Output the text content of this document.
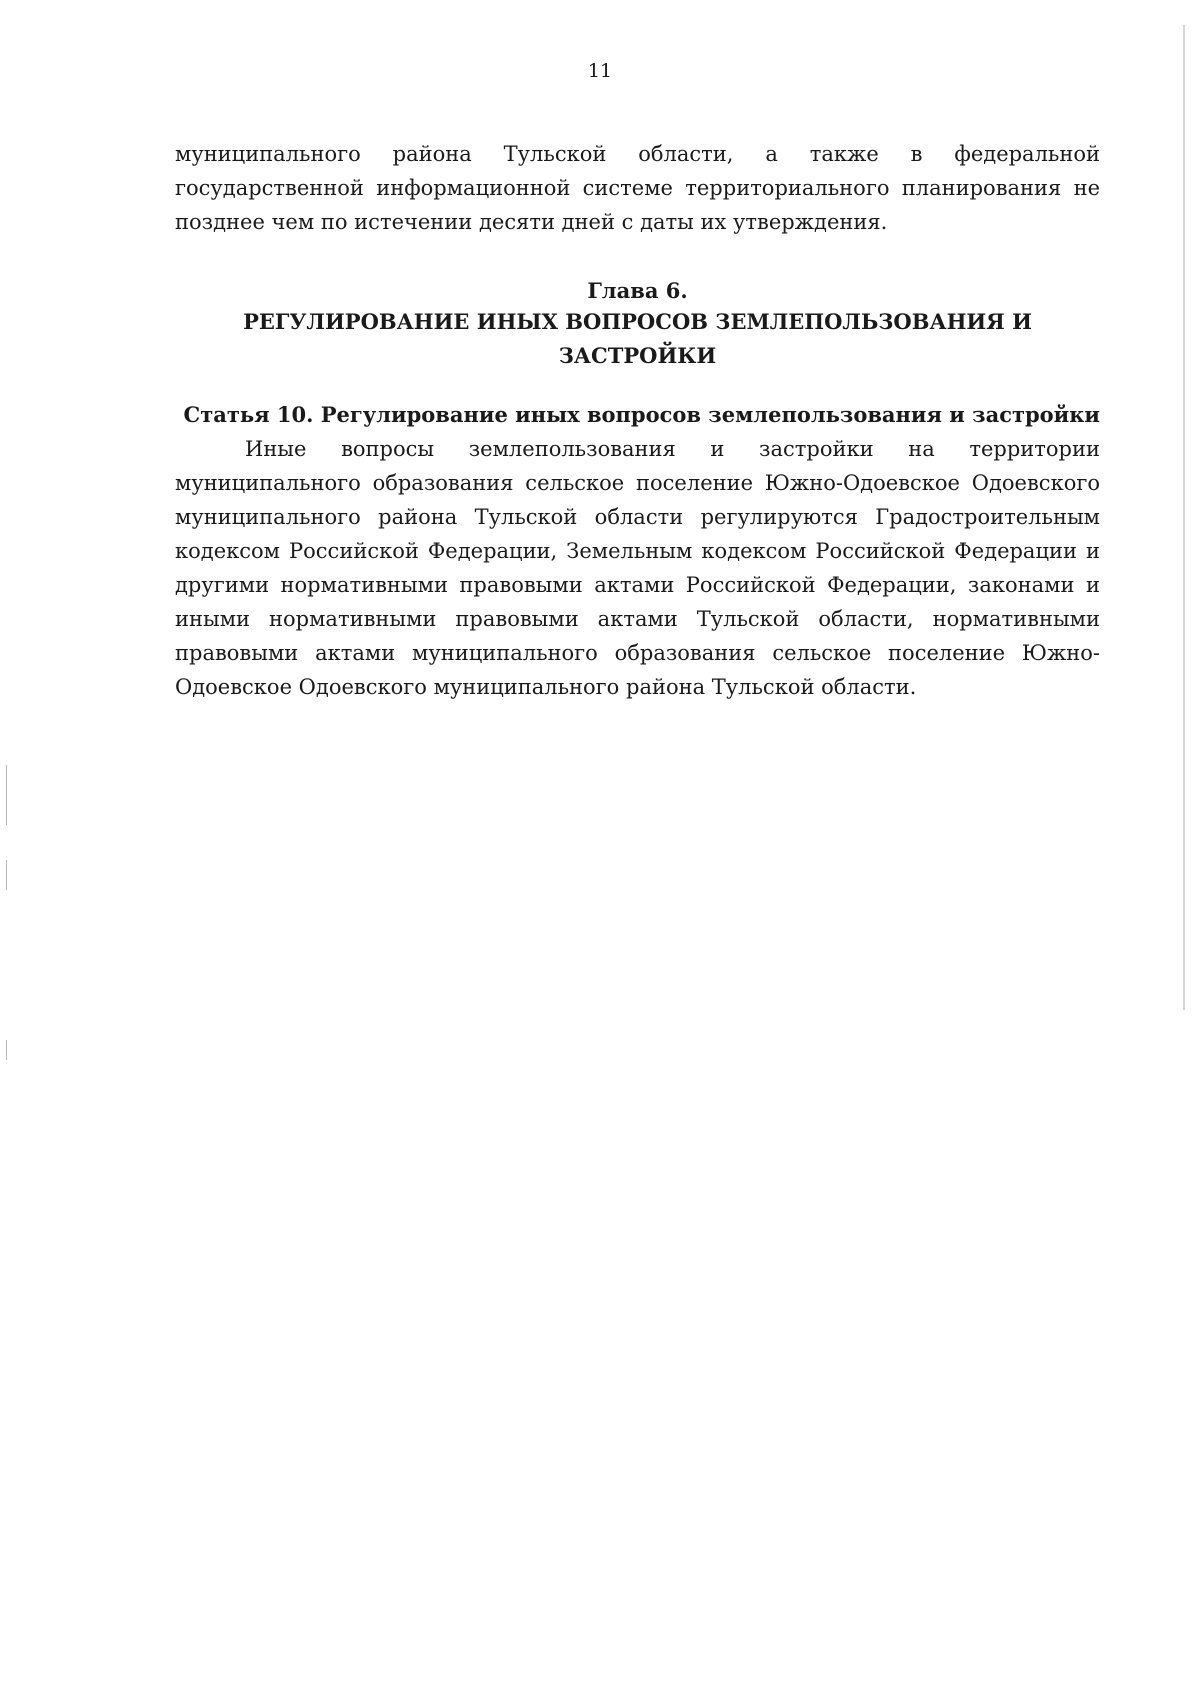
11

муниципального района Тульской области, а также в федеральной государственной информационной системе территориального планирования не позднее чем по истечении десяти дней с даты их утверждения.

Глава 6.

РЕГУЛИРОВАНИЕ ИНЫХ ВОПРОСОВ ЗЕМЛЕПОЛЬЗОВАНИЯ И ЗАСТРОЙКИ

Статья 10. Регулирование иных вопросов землепользования и застройки

Иные вопросы землепользования и застройки на территории муниципального образования сельское поселение Южно-Одоевское Одоевского муниципального района Тульской области регулируются Градостроительным кодексом Российской Федерации, Земельным кодексом Российской Федерации и другими нормативными правовыми актами Российской Федерации, законами и иными нормативными правовыми актами Тульской области, нормативными правовыми актами муниципального образования сельское поселение Южно-Одоевское Одоевского муниципального района Тульской области.
